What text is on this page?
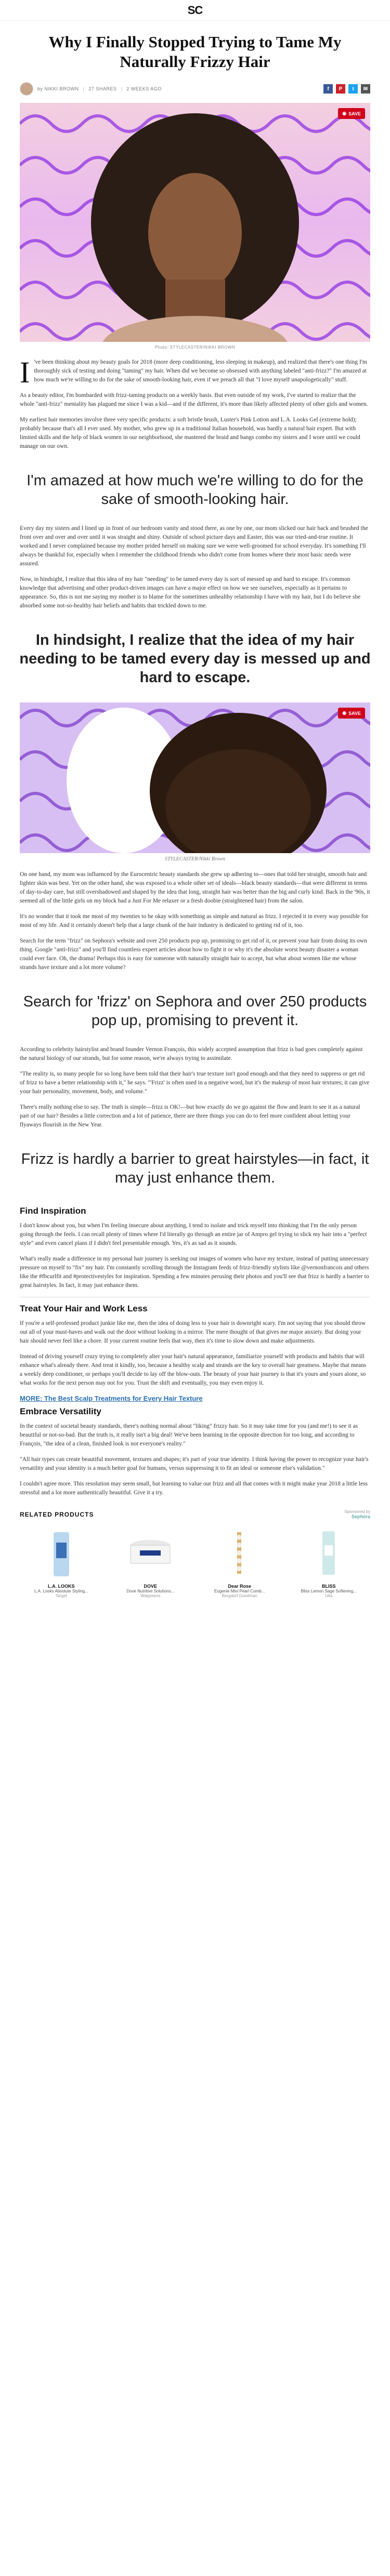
SC
Why I Finally Stopped Trying to Tame My Naturally Frizzy Hair
by NIKKI BROWN | 27 SHARES | 2 WEEKS AGO	f	P	t	✉
◉ SAVE
Photo: STYLECASTER/NIKKI BROWN

I 've been thinking about my beauty goals for 2018 (more deep conditioning, less sleeping in makeup), and realized that there's one thing I'm thoroughly sick of testing and doing "taming" my hair. When did we become so obsessed with anything labeled "anti-frizz?" I'm amazed at how much we're willing to do for the sake of smooth-looking hair, even if we preach all that "I love myself unapologetically" stuff.

As a beauty editor, I'm bombarded with frizz-taming products on a weekly basis. But even outside of my work, I've started to realize that the whole "anti-frizz" mentality has plagued me since I was a kid—and if the different, it's more than likely affected plenty of other girls and women.

My earliest hair memories involve three very specific products: a soft bristle brush, Luster's Pink Lotion and L.A. Looks Gel (extreme hold); probably because that's all I ever used. My mother, who grew up in a traditional Italian household, was hardly a natural hair expert. But with limited skills and the help of black women in our neighborhood, she mastered the braid and bangs combo my sisters and I wore until we could manage on our own.

I'm amazed at how much we're willing to do for the sake of smooth-looking hair.

Every day my sisters and I lined up in front of our bedroom vanity and stood there, as one by one, our mom slicked our hair back and brushed the front over and over and over until it was straight and shiny. Outside of school picture days and Easter, this was our tried-and-true routine. It worked and I never complained because my mother prided herself on making sure we were well-groomed for school everyday. It's something I'll always be thankful for, especially when I remember the childhood friends who didn't come from homes where their most basic needs were assured.

Now, in hindsight, I realize that this idea of my hair "needing" to be tamed every day is sort of messed up and hard to escape. It's common knowledge that advertising and other product-driven images can have a major effect on how we see ourselves, especially as it pertains to appearance. So, this is not me saying my mother is to blame for the sometimes unhealthy relationship I have with my hair, but I do believe she absorbed some not-so-healthy hair beliefs and habits that trickled down to me.

In hindsight, I realize that the idea of my hair needing to be tamed every day is messed up and hard to escape.
◉ SAVE
STYLECASTER/Nikki Brown

On one hand, my mom was influenced by the Eurocentric beauty standards she grew up adhering to—ones that told her straight, smooth hair and lighter skin was best. Yet on the other hand, she was exposed to a whole other set of ideals—black beauty standards—that were different in terms of day-to-day care, but still overshadowed and shaped by the idea that long, straight hair was better than the big and curly kind. Back in the '90s, it seemed all of the little girls on my block had a Just For Me relaxer or a fresh doobie (straightened hair) from the salon.

It's no wonder that it took me most of my twenties to be okay with something as simple and natural as frizz. I rejected it in every way possible for most of my life. And it certainly doesn't help that a large chunk of the hair industry is dedicated to getting rid of it, too.

Search for the term "frizz" on Sephora's website and over 250 products pop up, promising to get rid of it, or prevent your hair from doing its own thing. Google "anti-frizz" and you'll find countless expert articles about how to fight it or why it's the absolute worst beauty disaster a woman could ever face. Oh, the drama! Perhaps this is easy for someone with naturally straight hair to accept, but what about women like me whose strands have texture and a lot more volume?

Search for 'frizz' on Sephora and over 250 products pop up, promising to prevent it.

According to celebrity hairstylist and brand founder Vernon François, this widely accepted assumption that frizz is bad goes completely against the natural biology of our strands, but for some reason, we're always trying to assimilate.

"The reality is, so many people for so long have been told that their hair's true texture isn't good enough and that they need to suppress or get rid of frizz to have a better relationship with it," he says. "'Frizz' is often used in a negative word, but it's the makeup of most hair textures; it can give your hair personality, movement, body, and volume."

There's really nothing else to say. The truth is simple—frizz is OK!—but how exactly do we go against the flow and learn to see it as a natural part of our hair? Besides a little correction and a lot of patience, there are three things you can do to feel more confident about letting your flyaways flourish in the New Year.

Frizz is hardly a barrier to great hairstyles—in fact, it may just enhance them.
Find Inspiration

I don't know about you, but when I'm feeling insecure about anything, I tend to isolate and trick myself into thinking that I'm the only person going through the feels. I can recall plenty of times where I'd literally go through an entire jar of Ampro gel trying to slick my hair into a "perfect style" and even cancel plans if I didn't feel presentable enough. Yes, it's as sad as it sounds.

What's really made a difference in my personal hair journey is seeking out images of women who have my texture, instead of putting unnecessary pressure on myself to "fix" my hair. I'm constantly scrolling through the Instagram feeds of frizz-friendly stylists like @vernonfrancois and others like the #fbcurlfit and #protectivestyles for inspiration. Spending a few minutes perusing their photos and you'll see that frizz is hardly a barrier to great hairstyles. In fact, it may just enhance them.

Treat Your Hair and Work Less

If you're a self-professed product junkie like me, then the idea of doing less to your hair is downright scary. I'm not saying that you should throw out all of your must-haves and walk out the door without looking in a mirror. The mere thought of that gives me major anxiety. But doing your hair should never feel like a chore. If your current routine feels that way, then it's time to slow down and make adjustments.

Instead of driving yourself crazy trying to completely alter your hair's natural appearance, familiarize yourself with products and habits that will enhance what's already there. And treat it kindly, too, because a healthy scalp and strands are the key to overall hair greatness. Maybe that means a weekly deep conditioner, or perhaps you'll decide to lay off the blow-outs. The beauty of your hair journey is that it's yours and yours alone, so what works for the next person may not for you. Trust the shift and eventually, you may even enjoy it.

MORE: The Best Scalp Treatments for Every Hair Texture
Embrace Versatility

In the context of societal beauty standards, there's nothing normal about "liking" frizzy hair. So it may take time for you (and me!) to see it as beautiful or not-so-bad. But the truth is, it really isn't a big deal! We've been learning in the opposite direction for too long, and according to François, "the idea of a clean, finished look is not everyone's reality."

"All hair types can create beautiful movement, textures and shapes; it's part of your true identity. I think having the power to recognize your hair's versatility and your identity is a much better goal for humans, versus suppressing it to fit an ideal or someone else's validation."

I couldn't agree more. This resolution may seem small, but learning to value our frizz and all that comes with it might make year 2018 a little less stressful and a lot more authentically beautiful. Give it a try.

RELATED PRODUCTS	Sponsored by
Sephora
L.A. LOOKS
L.A. Looks Absolute Styling...
Target
DOVE
Dove Nutritive Solutions...
Walgreens
Dear Rose
Eugenie Mini Pearl Comb...
Bergdorf Goodman
BLISS
Bliss Lemon Sage Softening...
Ulta
